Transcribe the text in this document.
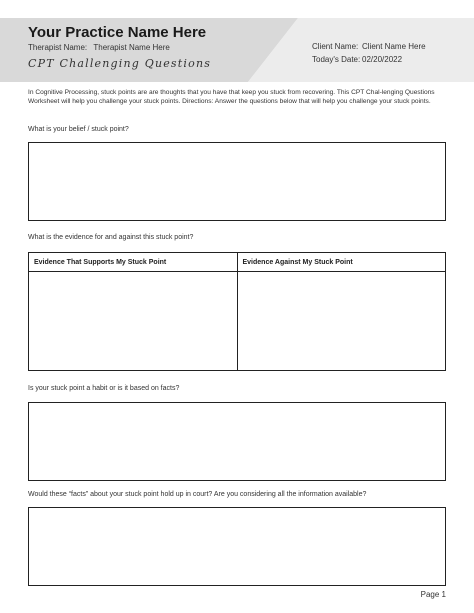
Your Practice Name Here
Therapist Name: Therapist Name Here
CPT Challenging Questions
Client Name: Client Name Here
Today's Date: 02/20/2022

In Cognitive Processing, stuck points are are thoughts that you have that keep you stuck from recovering. This CPT Chal-lenging Questions Worksheet will help you challenge your stuck points. Directions: Answer the questions below that will help you challenge your stuck points.

What is your belief / stuck point?
What is the evidence for and against this stuck point?
Evidence That Supports My Stuck Point	Evidence Against My Stuck Point
Is your stuck point a habit or is it based on facts?
Would these “facts” about your stuck point hold up in court? Are you considering all the information available?
Page 1
